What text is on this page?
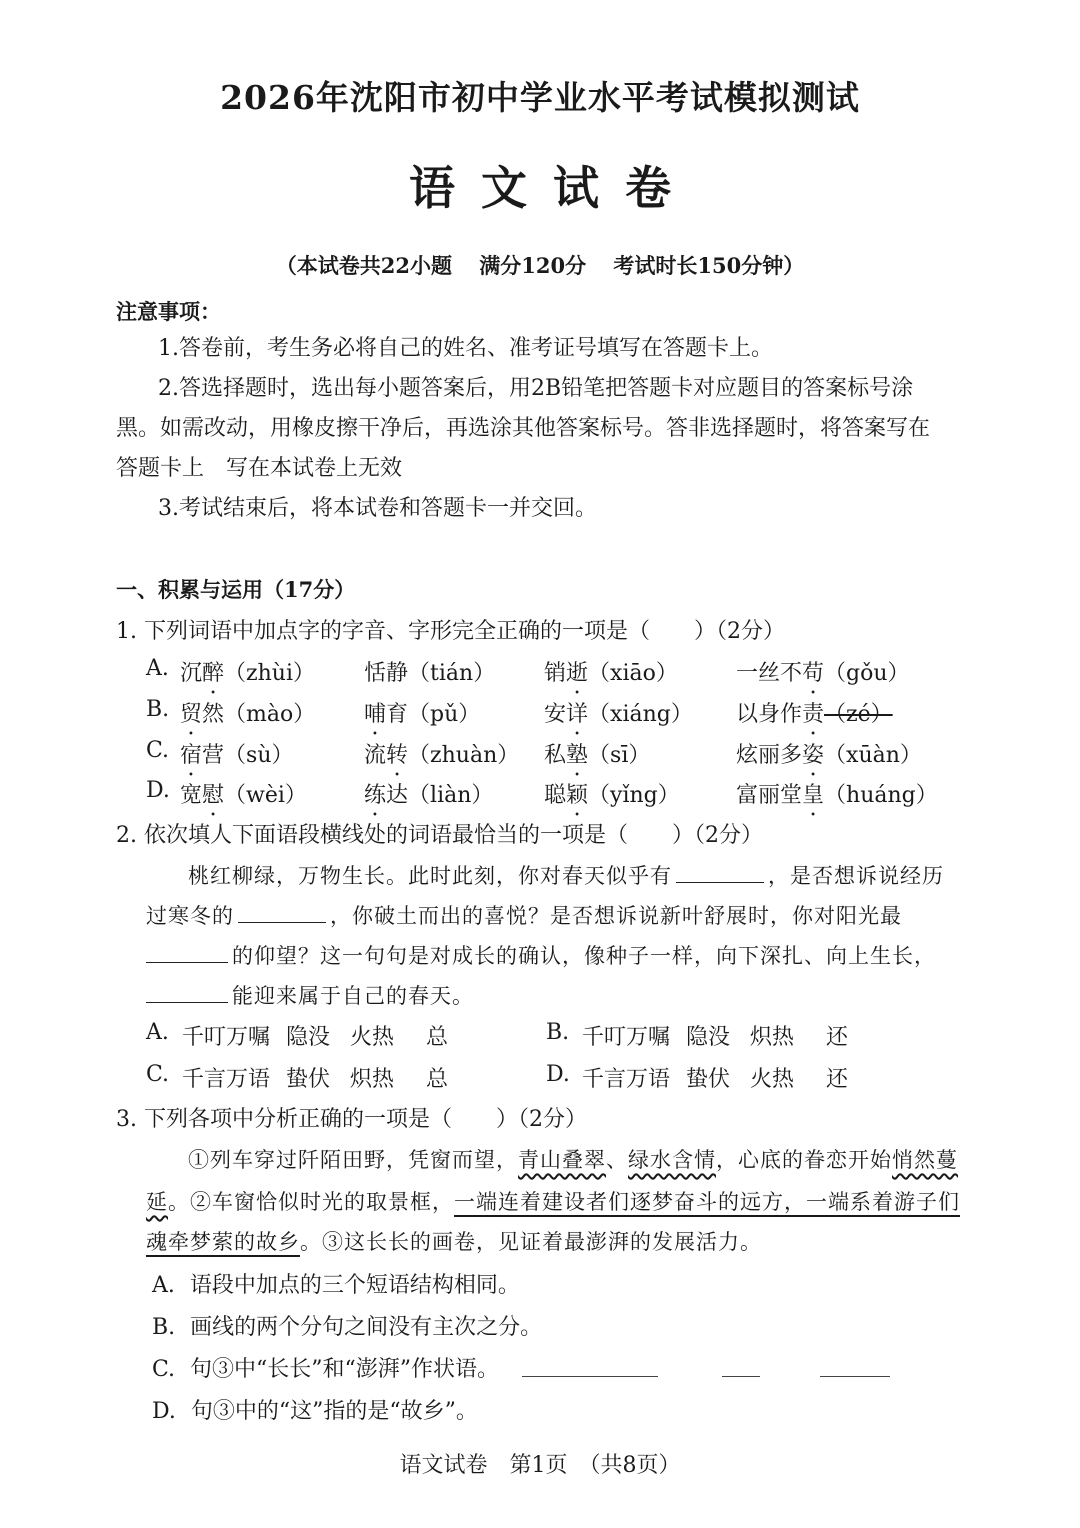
2026年沈阳市初中学业水平考试模拟测试
语文试卷
（本试卷共22小题 满分120分 考试时长150分钟）
注意事项：
1.答卷前，考生务必将自己的姓名、准考证号填写在答题卡上。
2.答选择题时，选出每小题答案后，用2B铅笔把答题卡对应题目的答案标号涂
黑。如需改动，用橡皮擦干净后，再选涂其他答案标号。答非选择题时，将答案写在
答题卡上　写在本试卷上无效
3.考试结束后，将本试卷和答题卡一并交回。
一、积累与运用（17分）
1. 下列词语中加点字的字音、字形完全正确的一项是（　　）（2分）
A. 沉醉（zhùi） 恬静（tián） 销逝（xiāo）	一丝不苟（gǒu）
B. 贸然（mào） 哺育（pǔ）	安详（xiáng） 以身作责（zé）
C. 宿营（sù）	流转（zhuàn） 私塾（sī）	炫丽多姿（xūàn）
D. 宽慰（wèi）	练达（liàn） 聪颖（yǐng）	富丽堂皇（huáng）
2. 依次填人下面语段横线处的词语最恰当的一项是（　　）（2分）
桃红柳绿，万物生长。此时此刻，你对春天似乎有	，是否想诉说经历
过寒冬的	，你破土而出的喜悦？是否想诉说新叶舒展时，你对阳光最
的仰望？这一句句是对成长的确认，像种子一样，向下深扎、向上生长，
能迎来属于自己的春天。
A. 千叮万嘱 隐没 火热 总	B. 千叮万嘱 隐没 炽热 还
C. 千言万语 蛰伏 炽热 总	D. 千言万语 蛰伏 火热 还
3. 下列各项中分析正确的一项是（　　）（2分）
①列车穿过阡陌田野，凭窗而望，青山叠翠、绿水含情，心底的眷恋开始悄然蔓
延。②车窗恰似时光的取景框，一端连着建设者们逐梦奋斗的远方，一端系着游子们
魂牵梦萦的故乡。③这长长的画卷，见证着最澎湃的发展活力。
A. 语段中加点的三个短语结构相同。
B. 画线的两个分句之间没有主次之分。
C. 句③中“长长”和“澎湃”作状语。
D. 句③中的“这”指的是“故乡”。
语文试卷　第1页　（共8页）
